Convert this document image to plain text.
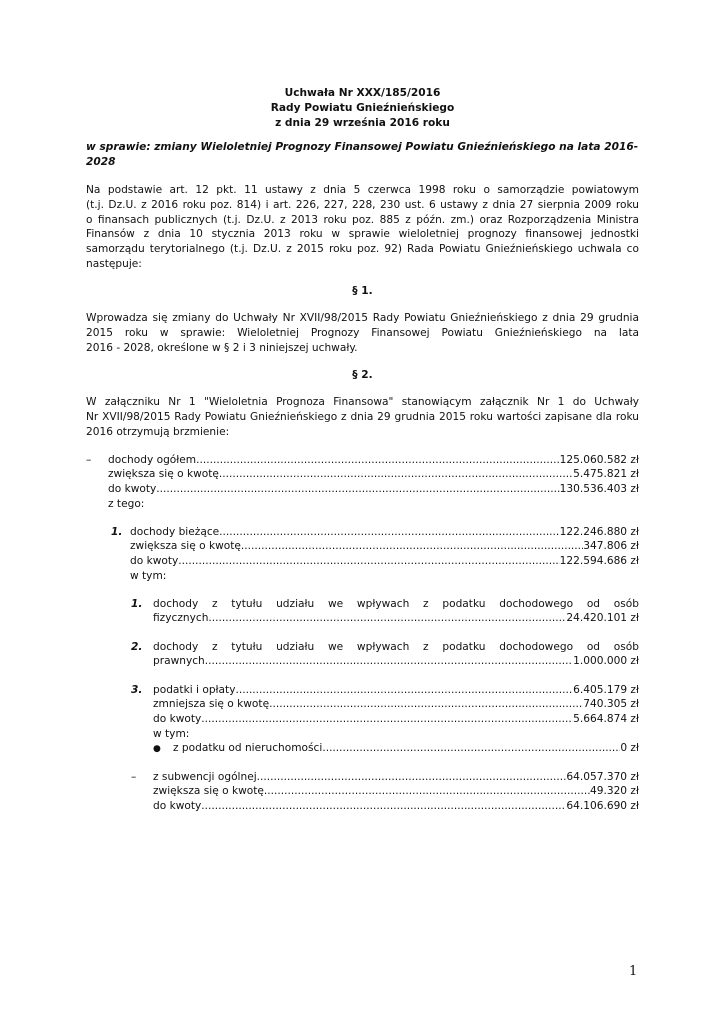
Uchwała Nr XXX/185/2016
Rady Powiatu Gnieźnieńskiego
z dnia 29 września 2016 roku
w sprawie: zmiany Wieloletniej Prognozy Finansowej Powiatu Gnieźnieńskiego na lata 2016-
2028
Na podstawie art. 12 pkt. 11 ustawy z dnia 5 czerwca 1998 roku o samorządzie powiatowym
(t.j. Dz.U. z 2016 roku poz. 814) i art. 226, 227, 228, 230 ust. 6 ustawy z dnia 27 sierpnia 2009 roku
o finansach publicznych (t.j. Dz.U. z 2013 roku poz. 885 z późn. zm.) oraz Rozporządzenia Ministra
Finansów z dnia 10 stycznia 2013 roku w sprawie wieloletniej prognozy finansowej jednostki
samorządu terytorialnego (t.j. Dz.U. z 2015 roku poz. 92) Rada Powiatu Gnieźnieńskiego uchwala co
następuje:
§ 1.
Wprowadza się zmiany do Uchwały Nr XVII/98/2015 Rady Powiatu Gnieźnieńskiego z dnia 29 grudnia
2015 roku w sprawie: Wieloletniej Prognozy Finansowej Powiatu Gnieźnieńskiego na lata
2016 - 2028, określone w § 2 i 3 niniejszej uchwały.
§ 2.
W załączniku Nr 1 "Wieloletnia Prognoza Finansowa" stanowiącym załącznik Nr 1 do Uchwały
Nr XVII/98/2015 Rady Powiatu Gnieźnieńskiego z dnia 29 grudnia 2015 roku wartości zapisane dla roku
2016 otrzymują brzmienie:
– dochody ogółem .....	125.060.582 zł
zwiększa się o kwotę .....	5.475.821 zł
do kwoty .....	130.536.403 zł
z tego:
1. dochody bieżące .....	122.246.880 zł
zwiększa się o kwotę .....	347.806 zł
do kwoty .....	122.594.686 zł
w tym:
1. dochody z tytułu udziału we wpływach z podatku dochodowego od osób
fizycznych .....	24.420.101 zł
2. dochody z tytułu udziału we wpływach z podatku dochodowego od osób
prawnych .....	1.000.000 zł
3. podatki i opłaty .....	6.405.179 zł
zmniejsza się o kwotę .....	740.305 zł
do kwoty .....	5.664.874 zł
w tym:
● z podatku od nieruchomości .....	0 zł
– z subwencji ogólnej .....	64.057.370 zł
zwiększa się o kwotę .....	49.320 zł
do kwoty .....	64.106.690 zł
1
